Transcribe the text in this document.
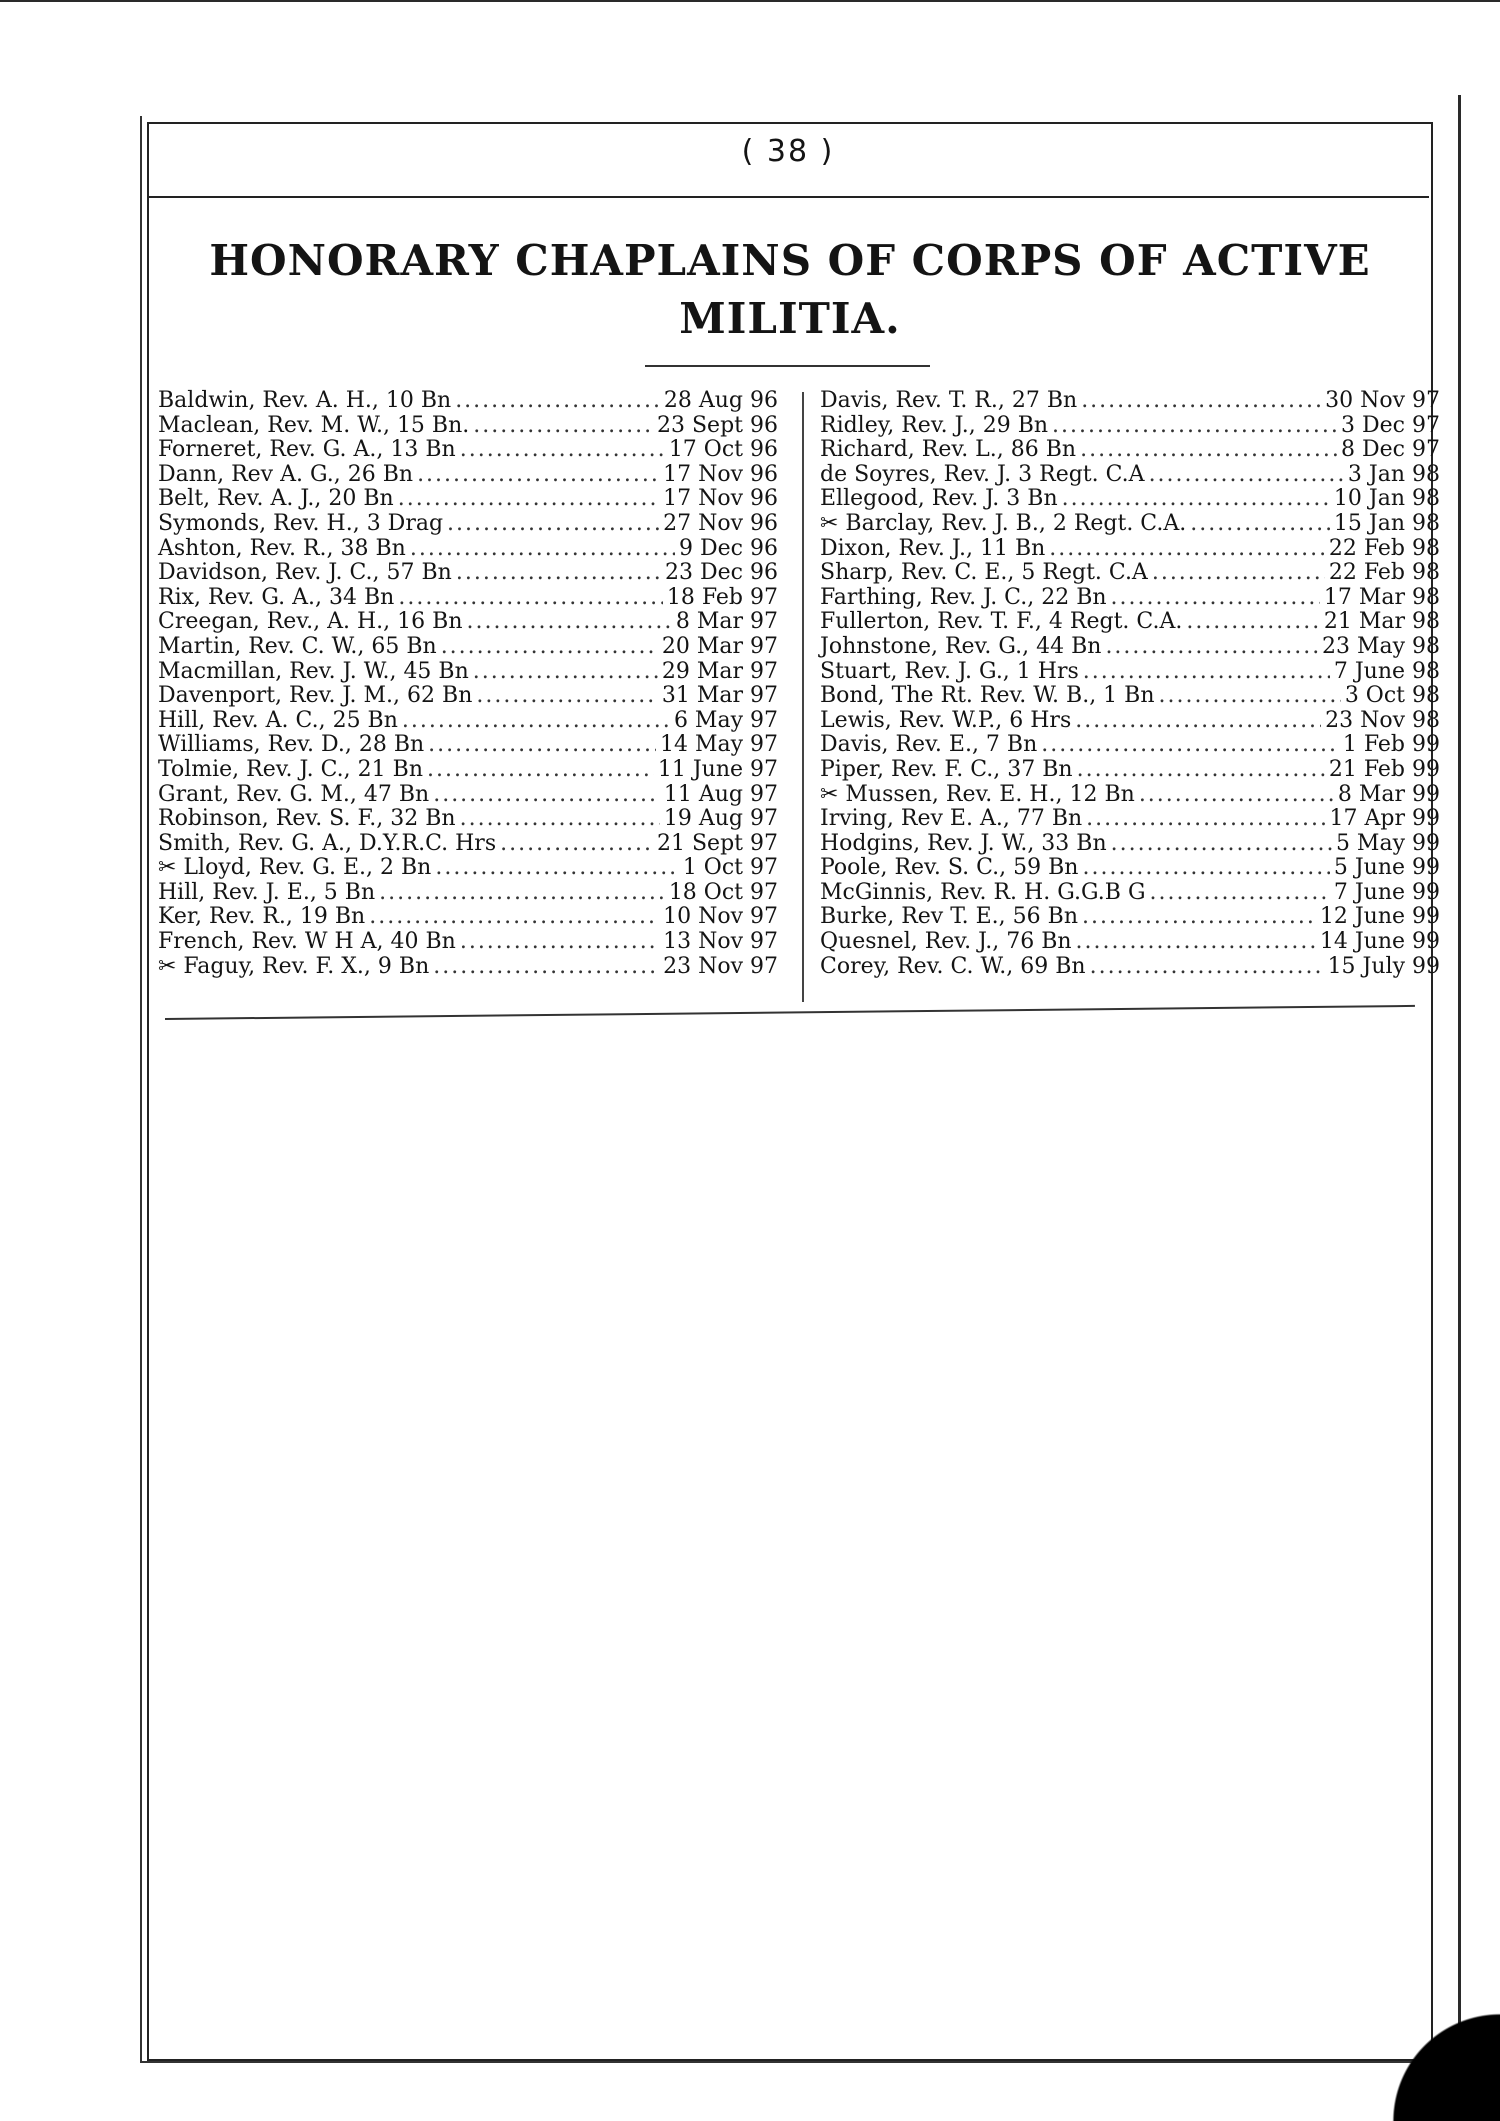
( 38 )
HONORARY CHAPLAINS OF CORPS OF ACTIVE MILITIA.
Baldwin, Rev. A. H., 10 Bn .....	28 Aug 96
Maclean, Rev. M. W., 15 Bn. .....	23 Sept 96
Forneret, Rev. G. A., 13 Bn .....	17 Oct 96
Dann, Rev A. G., 26 Bn .....	17 Nov 96
Belt, Rev. A. J., 20 Bn .....	17 Nov 96
Symonds, Rev. H., 3 Drag .....	27 Nov 96
Ashton, Rev. R., 38 Bn .....	9 Dec 96
Davidson, Rev. J. C., 57 Bn .....	23 Dec 96
Rix, Rev. G. A., 34 Bn .....	18 Feb 97
Creegan, Rev., A. H., 16 Bn .....	8 Mar 97
Martin, Rev. C. W., 65 Bn .....	20 Mar 97
Macmillan, Rev. J. W., 45 Bn .....	29 Mar 97
Davenport, Rev. J. M., 62 Bn .....	31 Mar 97
Hill, Rev. A. C., 25 Bn .....	6 May 97
Williams, Rev. D., 28 Bn .....	14 May 97
Tolmie, Rev. J. C., 21 Bn .....	11 June 97
Grant, Rev. G. M., 47 Bn .....	11 Aug 97
Robinson, Rev. S. F., 32 Bn .....	19 Aug 97
Smith, Rev. G. A., D.Y.R.C. Hrs .....	21 Sept 97
✂ Lloyd, Rev. G. E., 2 Bn .....	1 Oct 97
Hill, Rev. J. E., 5 Bn .....	18 Oct 97
Ker, Rev. R., 19 Bn .....	10 Nov 97
French, Rev. W H A, 40 Bn .....	13 Nov 97
✂ Faguy, Rev. F. X., 9 Bn .....	23 Nov 97
Davis, Rev. T. R., 27 Bn .....	30 Nov 97
Ridley, Rev. J., 29 Bn .....	3 Dec 97
Richard, Rev. L., 86 Bn .....	8 Dec 97
de Soyres, Rev. J. 3 Regt. C.A .....	3 Jan 98
Ellegood, Rev. J. 3 Bn .....	10 Jan 98
✂ Barclay, Rev. J. B., 2 Regt. C.A. .....	15 Jan 98
Dixon, Rev. J., 11 Bn .....	22 Feb 98
Sharp, Rev. C. E., 5 Regt. C.A .....	22 Feb 98
Farthing, Rev. J. C., 22 Bn .....	17 Mar 98
Fullerton, Rev. T. F., 4 Regt. C.A. .....	21 Mar 98
Johnstone, Rev. G., 44 Bn .....	23 May 98
Stuart, Rev. J. G., 1 Hrs .....	7 June 98
Bond, The Rt. Rev. W. B., 1 Bn .....	3 Oct 98
Lewis, Rev. W.P., 6 Hrs .....	23 Nov 98
Davis, Rev. E., 7 Bn .....	1 Feb 99
Piper, Rev. F. C., 37 Bn .....	21 Feb 99
✂ Mussen, Rev. E. H., 12 Bn .....	8 Mar 99
Irving, Rev E. A., 77 Bn .....	17 Apr 99
Hodgins, Rev. J. W., 33 Bn .....	5 May 99
Poole, Rev. S. C., 59 Bn .....	5 June 99
McGinnis, Rev. R. H. G.G.B G .....	7 June 99
Burke, Rev T. E., 56 Bn .....	12 June 99
Quesnel, Rev. J., 76 Bn .....	14 June 99
Corey, Rev. C. W., 69 Bn .....	15 July 99
